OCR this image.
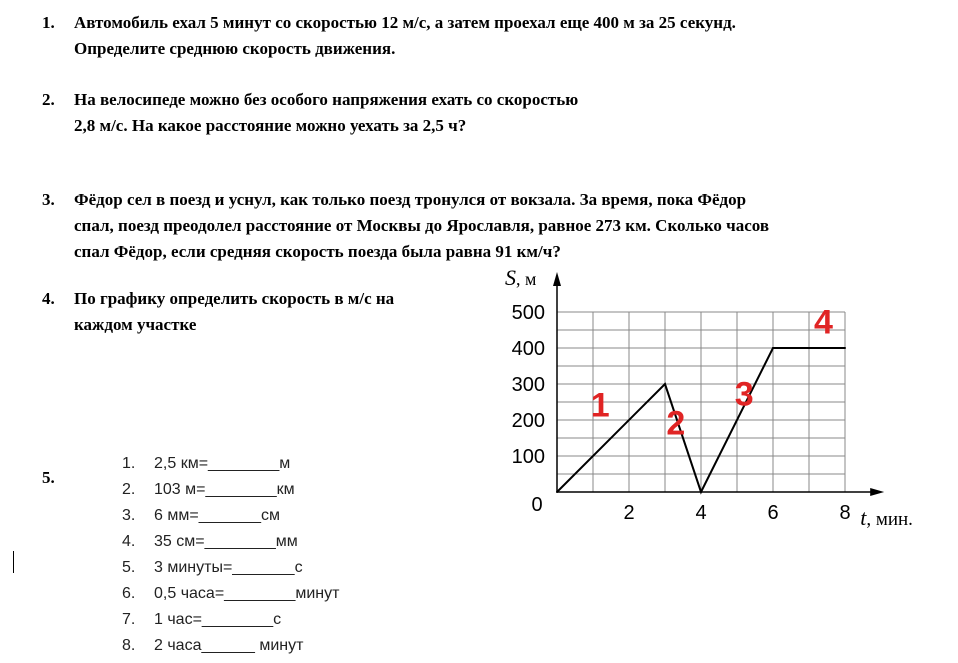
1. Автомобиль ехал 5 минут со скоростью 12 м/с, а затем проехал еще 400 м за 25 секунд.
Определите среднюю скорость движения.
2. На велосипеде можно без особого напряжения ехать со скоростью
2,8 м/с. На какое расстояние можно уехать за 2,5 ч?
3. Фёдор сел в поезд и уснул, как только поезд тронулся от вокзала. За время, пока Фёдор
спал, поезд преодолел расстояние от Москвы до Ярославля, равное 273 км. Сколько часов
спал Фёдор, если средняя скорость поезда была равна 91 км/ч?
4. По графику определить скорость в м/с на
каждом участке
5.
1. 2,5 км=________м
2. 103 м=________км
3. 6 мм=_______см
4. 35 см=________мм
5. 3 минуты=_______с
6. 0,5 часа=________минут
7. 1 час=________с
8. 2 часа______ минут
100
200
300
400
500
2	4	6	8
0
S, м
t, мин.
1 2
3
4
